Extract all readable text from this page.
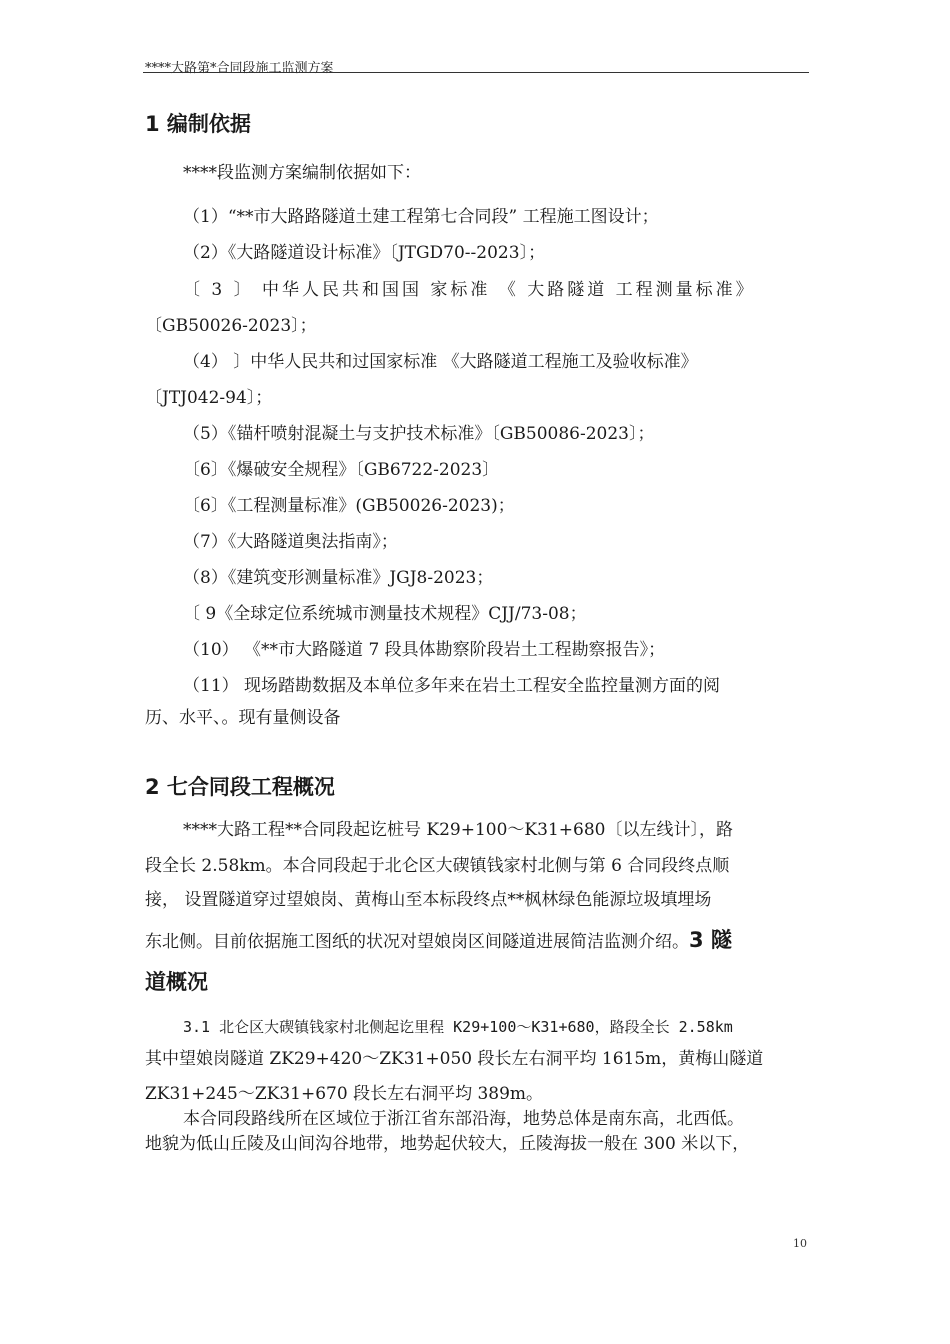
****大路第*合同段施工监测方案
1 编制依据
****段监测方案编制依据如下：
（1）“**市大路路隧道土建工程第七合同段” 工程施工图设计；
（2）《大路隧道设计标准》〔JTGD70--2023〕；
〔 3 〕 中华人民共和国国 家标准 《 大路隧道 工程测量标准》
〔GB50026-2023〕；
（4） 〕中华人民共和过国家标准 《大路隧道工程施工及验收标准》
〔JTJ042-94〕；
（5）《锚杆喷射混凝土与支护技术标准》〔GB50086-2023〕；
〔6〕《爆破安全规程》〔GB6722-2023〕
〔6〕《工程测量标准》(GB50026-2023)；
（7）《大路隧道奥法指南》；
（8）《建筑变形测量标准》JGJ8-2023；
〔 9《全球定位系统城市测量技术规程》CJJ/73-08；
（10） 《**市大路隧道 7 段具体勘察阶段岩土工程勘察报告》；
（11） 现场踏勘数据及本单位多年来在岩土工程安全监控量测方面的阅
历、水平、。现有量侧设备
2 七合同段工程概况
****大路工程**合同段起讫桩号 K29+100～K31+680〔以左线计〕，路
段全长 2.58km。本合同段起于北仑区大碶镇钱家村北侧与第 6 合同段终点顺
接， 设置隧道穿过望娘岗、黄梅山至本标段终点**枫林绿色能源垃圾填埋场
东北侧。目前依据施工图纸的状况对望娘岗区间隧道进展简洁监测介绍。3 隧
道概况
3.1 北仑区大碶镇钱家村北侧起讫里程 K29+100～K31+680，路段全长 2.58km
其中望娘岗隧道 ZK29+420～ZK31+050 段长左右洞平均 1615m，黄梅山隧道
ZK31+245～ZK31+670 段长左右洞平均 389m。
本合同段路线所在区域位于浙江省东部沿海，地势总体是南东高，北西低。
地貌为低山丘陵及山间沟谷地带，地势起伏较大，丘陵海拔一般在 300 米以下，
10
